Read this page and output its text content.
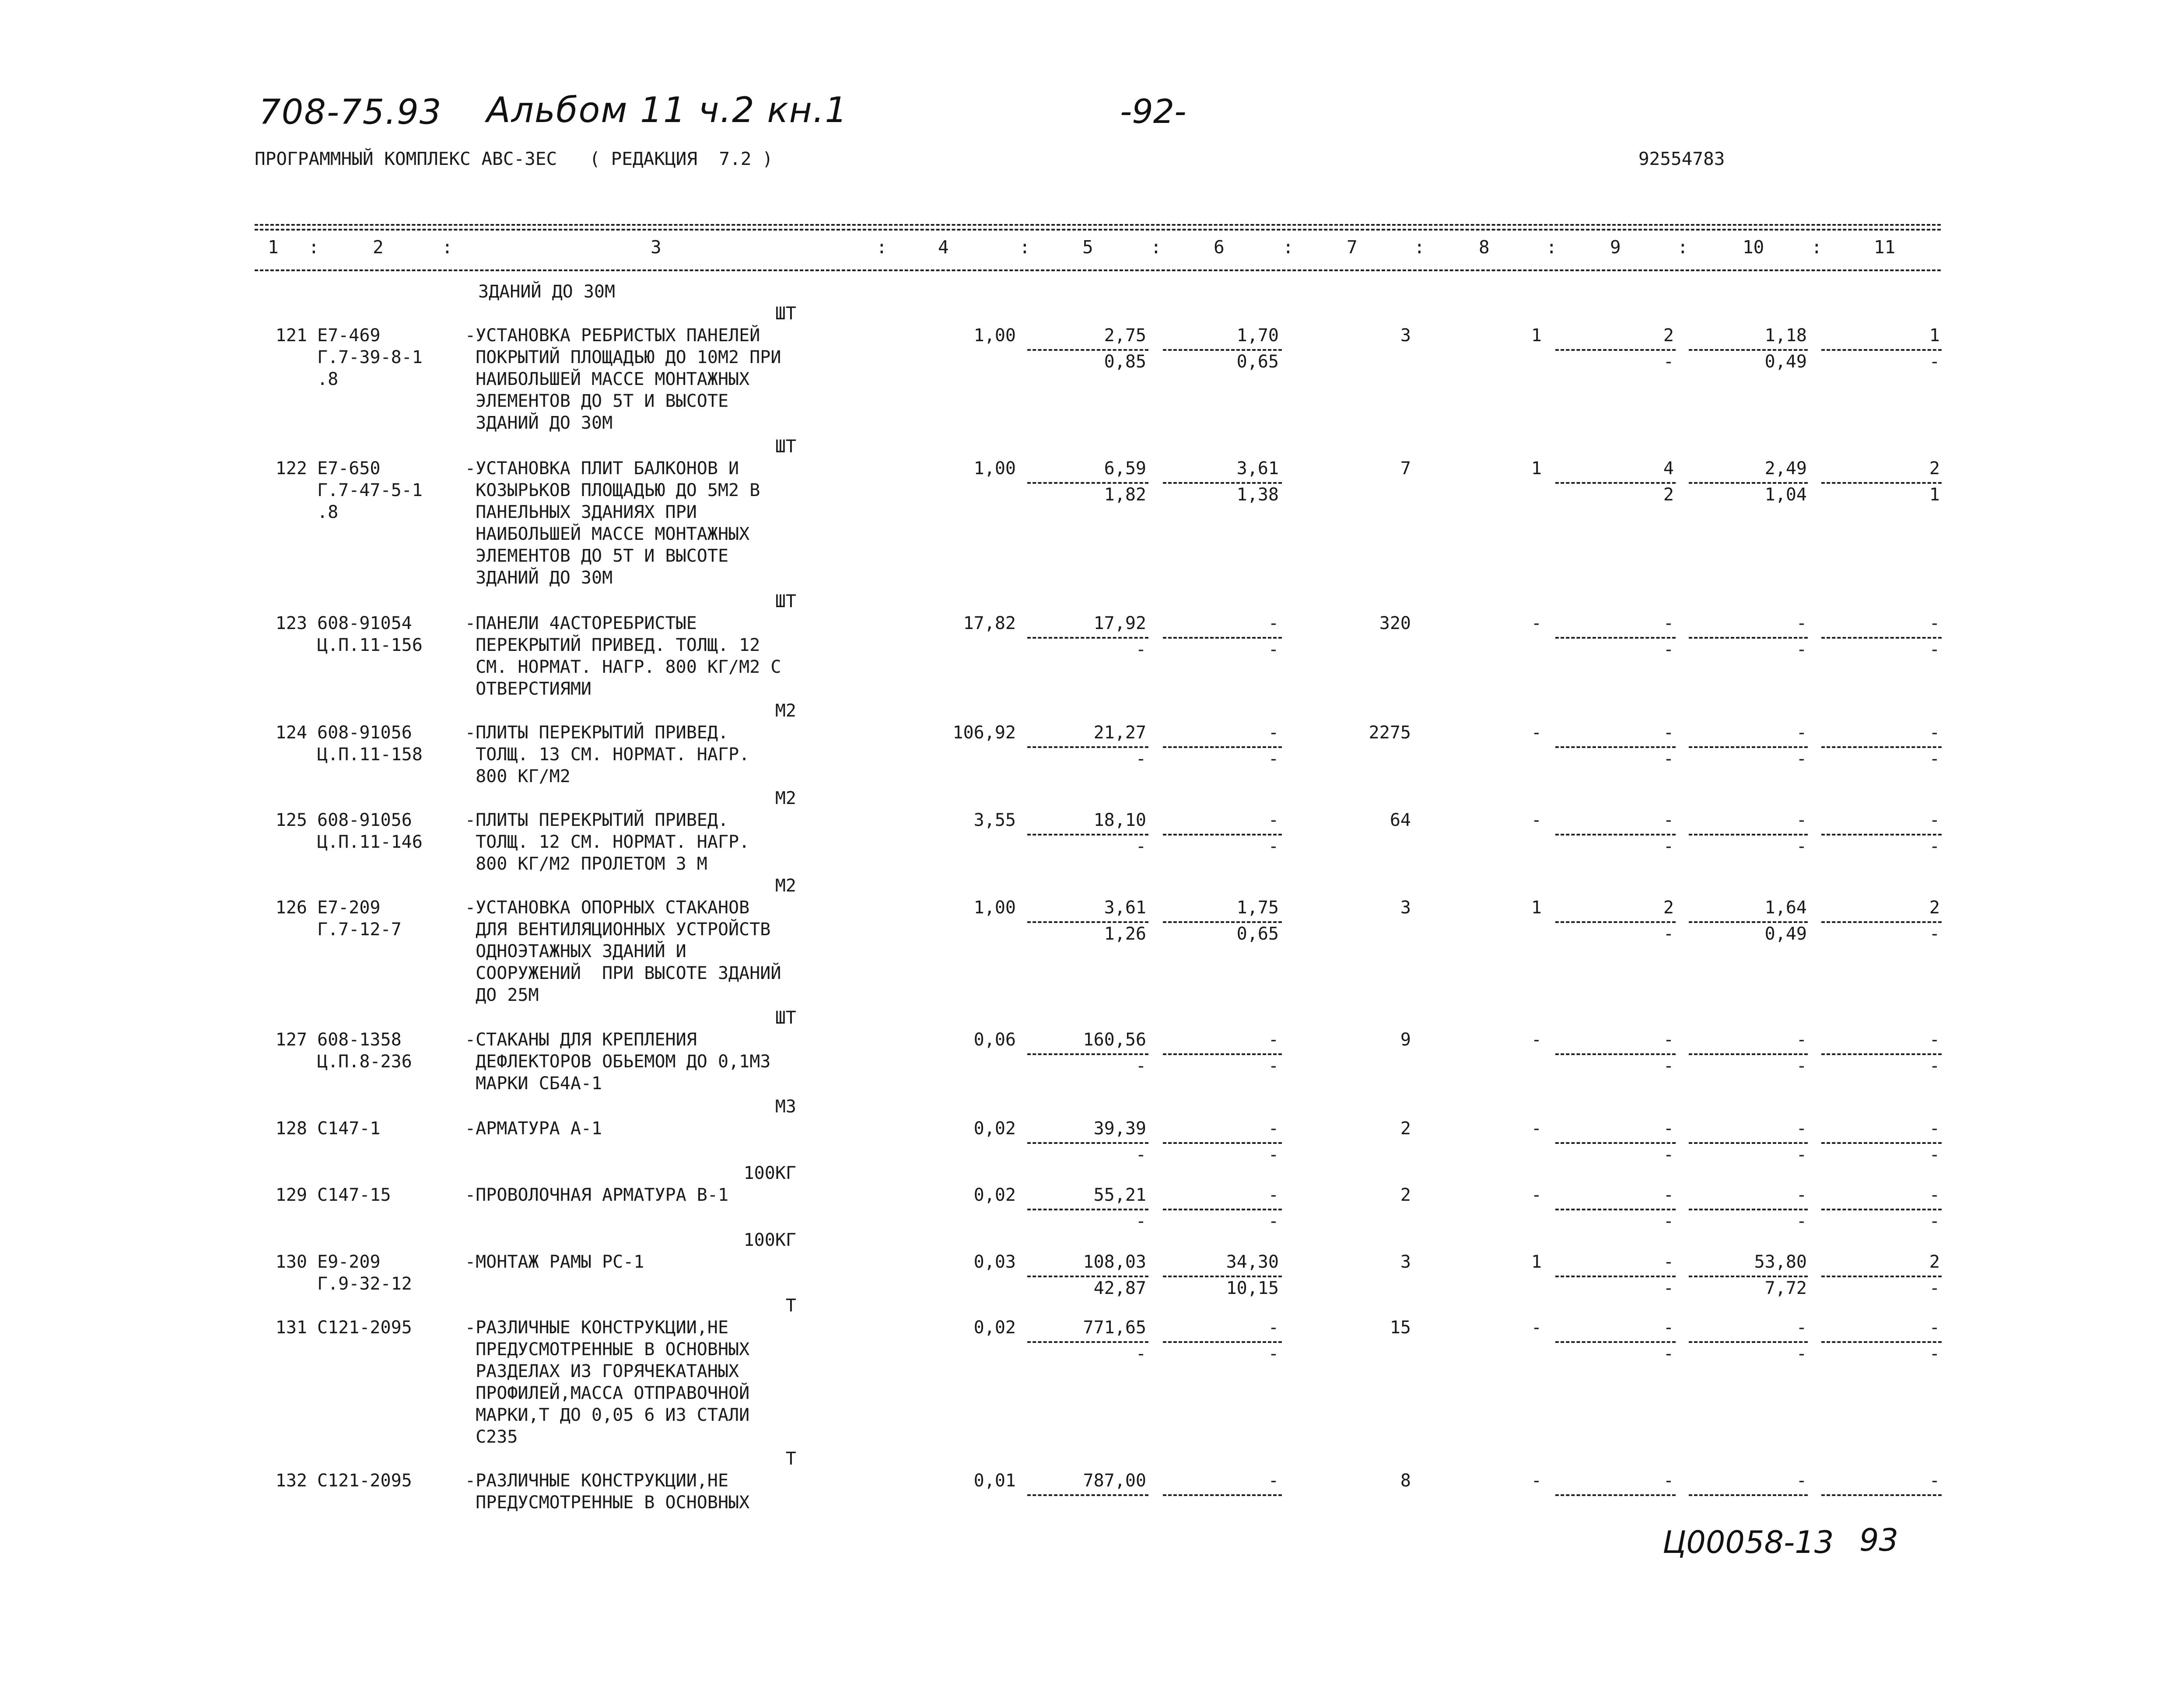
708-75.93 Альбом 11 ч.2 кн.1	-92-
ПРОГРАММНЫЙ КОМПЛЕКС АВС-ЗЕС   ( РЕДАКЦИЯ  7.2 )	92554783
1 :	2	:	3	:	4	:	5	:	6	:	7	:	8	:	9	:	10	:	11
ЗДАНИЙ ДО 30М
ШТ
121 Е7-469
Г.7-39-8-1
.8
-УСТАНОВКА РЕБРИСТЫХ ПАНЕЛЕЙ
ПОКРЫТИЙ ПЛОЩАДЬЮ ДО 10М2 ПРИ
НАИБОЛЬШЕЙ МАССЕ МОНТАЖНЫХ
ЭЛЕМЕНТОВ ДО 5Т И ВЫСОТЕ
ЗДАНИЙ ДО 30М
1,00	2,75	1,70	3	1	2	1,18	1
0,85	0,65	-	0,49	-
ШТ
122 Е7-650
Г.7-47-5-1
.8
-УСТАНОВКА ПЛИТ БАЛКОНОВ И
КОЗЫРЬКОВ ПЛОЩАДЬЮ ДО 5М2 В
ПАНЕЛЬНЫХ ЗДАНИЯХ ПРИ
НАИБОЛЬШЕЙ МАССЕ МОНТАЖНЫХ
ЭЛЕМЕНТОВ ДО 5Т И ВЫСОТЕ
ЗДАНИЙ ДО 30М
1,00	6,59	3,61	7	1	4	2,49	2
1,82	1,38	2	1,04	1
ШТ
123 608-91054
Ц.П.11-156
-ПАНЕЛИ 4АСТОРЕБРИСТЫЕ
ПЕРЕКРЫТИЙ ПРИВЕД. ТОЛЩ. 12
СМ. НОРМАТ. НАГР. 800 КГ/М2 С
ОТВЕРСТИЯМИ
17,82	17,92	-	320	-	-	-	-
-	-	-	-	-
М2
124 608-91056
Ц.П.11-158
-ПЛИТЫ ПЕРЕКРЫТИЙ ПРИВЕД.
ТОЛЩ. 13 СМ. НОРМАТ. НАГР.
800 КГ/М2
106,92	21,27	-	2275	-	-	-	-
-	-	-	-	-
М2
125 608-91056
Ц.П.11-146
-ПЛИТЫ ПЕРЕКРЫТИЙ ПРИВЕД.
ТОЛЩ. 12 СМ. НОРМАТ. НАГР.
800 КГ/М2 ПРОЛЕТОМ 3 М
3,55	18,10	-	64	-	-	-	-
-	-	-	-	-
М2
126 Е7-209
Г.7-12-7
-УСТАНОВКА ОПОРНЫХ СТАКАНОВ
ДЛЯ ВЕНТИЛЯЦИОННЫХ УСТРОЙСТВ
ОДНОЭТАЖНЫХ ЗДАНИЙ И
СООРУЖЕНИЙ  ПРИ ВЫСОТЕ ЗДАНИЙ
ДО 25М
1,00	3,61	1,75	3	1	2	1,64	2
1,26	0,65	-	0,49	-
ШТ
127 608-1358
Ц.П.8-236
-СТАКАНЫ ДЛЯ КРЕПЛЕНИЯ
ДЕФЛЕКТОРОВ ОБЬЕМОМ ДО 0,1М3
МАРКИ СБ4А-1
0,06	160,56	-	9	-	-	-	-
-	-	-	-	-
М3
128 С147-1	-АРМАТУРА А-1	0,02	39,39	-	2	-	-	-	-
-	-	-	-	-
100КГ
129 С147-15	-ПРОВОЛОЧНАЯ АРМАТУРА В-1	0,02	55,21	-	2	-	-	-	-
-	-	-	-	-
100КГ
130 Е9-209
Г.9-32-12
-МОНТАЖ РАМЫ РС-1	0,03	108,03	34,30	3	1	-	53,80	2
42,87	10,15	-	7,72	-
Т
131 С121-2095	-РАЗЛИЧНЫЕ КОНСТРУКЦИИ,НЕ
ПРЕДУСМОТРЕННЫЕ В ОСНОВНЫХ
РАЗДЕЛАХ ИЗ ГОРЯЧЕКАТАНЫХ
ПРОФИЛЕЙ,МАССА ОТПРАВОЧНОЙ
МАРКИ,Т ДО 0,05 6 ИЗ СТАЛИ
С235
0,02	771,65	-	15	-	-	-	-
-	-	-	-	-
Т
132 С121-2095	-РАЗЛИЧНЫЕ КОНСТРУКЦИИ,НЕ
ПРЕДУСМОТРЕННЫЕ В ОСНОВНЫХ
0,01	787,00	-	8	-	-	-	-
Ц00058-13 93
